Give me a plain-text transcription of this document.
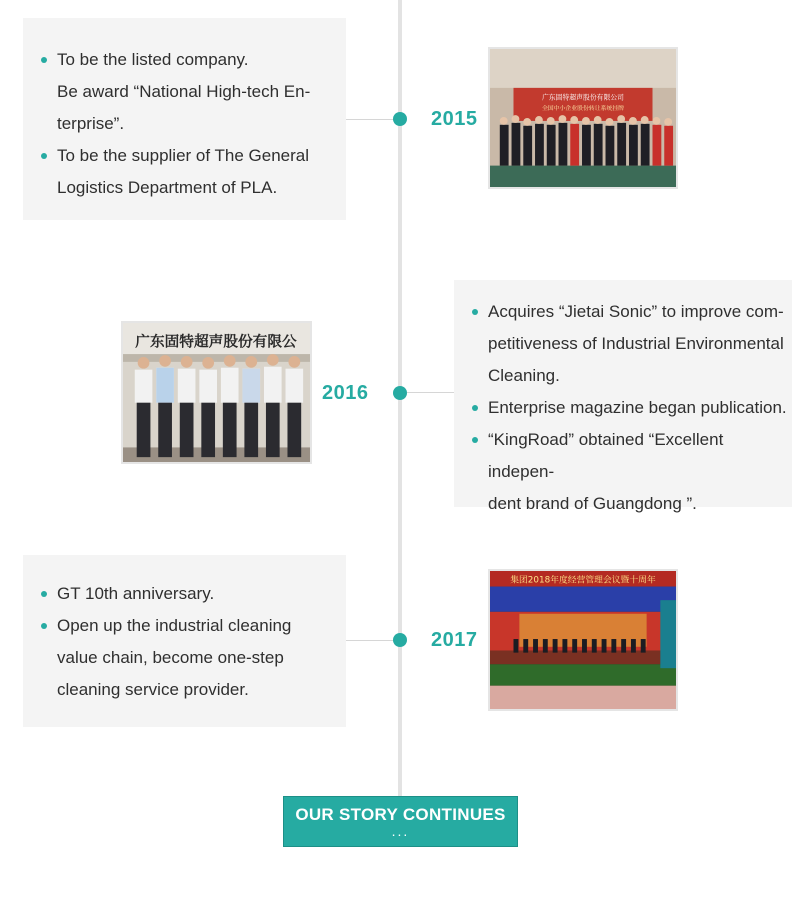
To be the listed company.
Be award “National High-tech En-
terprise”.
To be the supplier of The General
Logistics Department of PLA.
2015
广东固特超声股份有限公司
全国中小企业股份转让系统挂牌
广东固特超声股份有限公
2016
Acquires “Jietai Sonic” to improve com-
petitiveness of Industrial Environmental
Cleaning.
Enterprise magazine began publication.
“KingRoad” obtained “Excellent indepen-
dent brand of Guangdong ”.
GT 10th anniversary.
Open up the industrial cleaning
value chain, become one-step
cleaning service provider.
2017
集团2018年度经营管理会议暨十周年
OUR STORY CONTINUES
...
